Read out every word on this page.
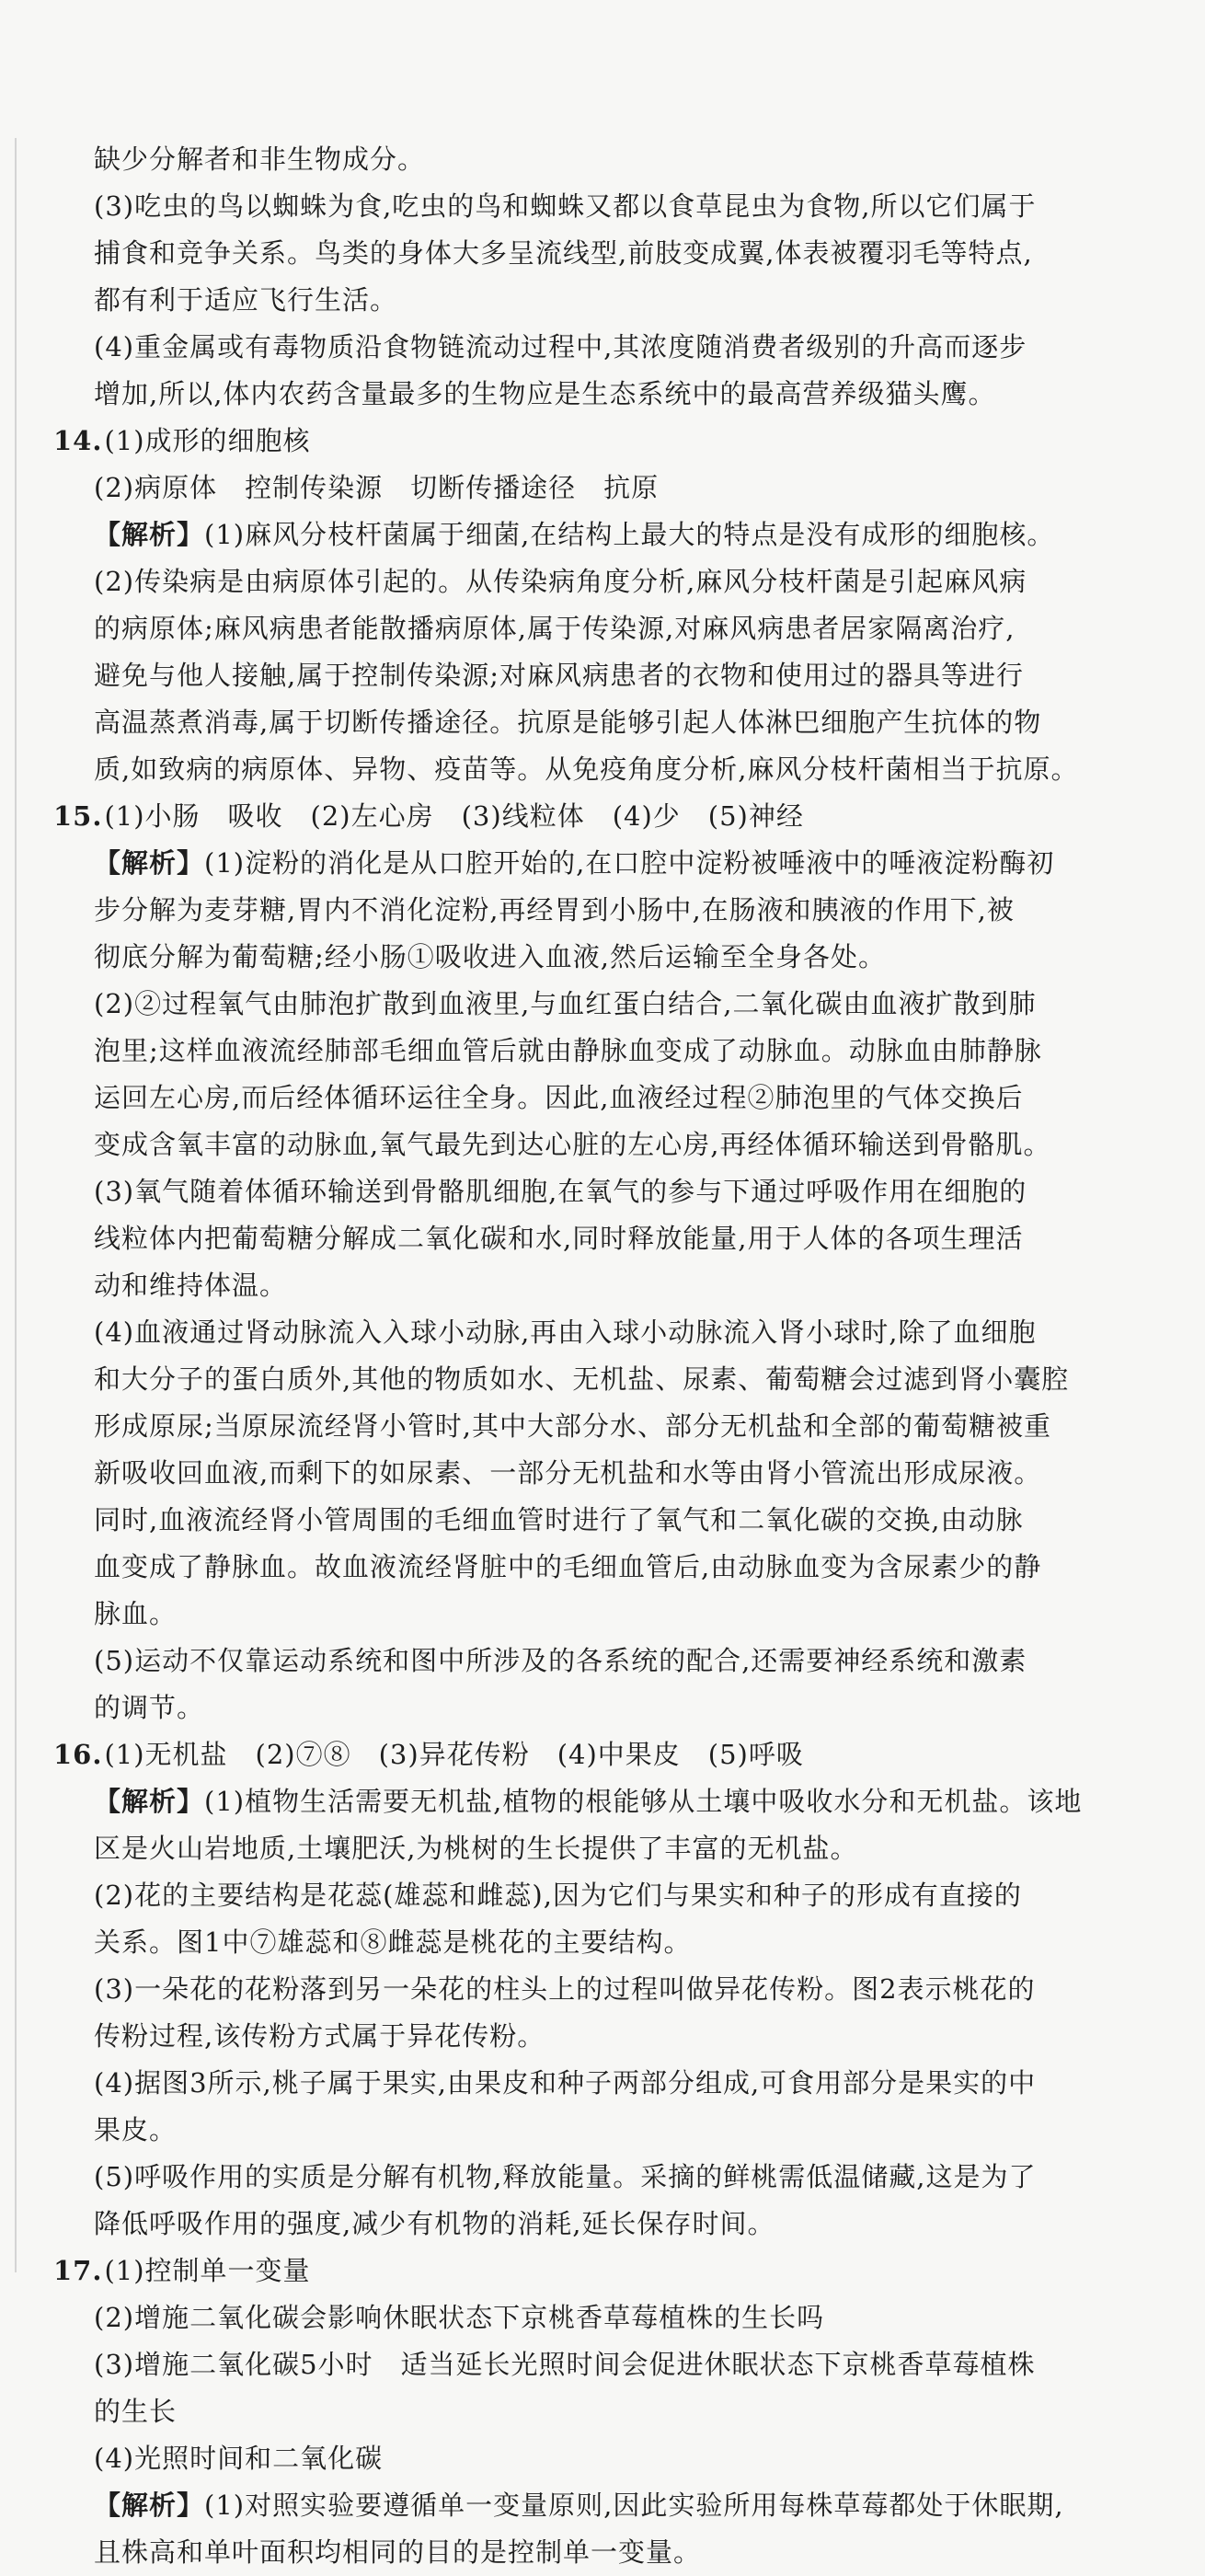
缺少分解者和非生物成分。
(3)吃虫的鸟以蜘蛛为食,吃虫的鸟和蜘蛛又都以食草昆虫为食物,所以它们属于
捕食和竞争关系。鸟类的身体大多呈流线型,前肢变成翼,体表被覆羽毛等特点,
都有利于适应飞行生活。
(4)重金属或有毒物质沿食物链流动过程中,其浓度随消费者级别的升高而逐步
增加,所以,体内农药含量最多的生物应是生态系统中的最高营养级猫头鹰。
14.(1)成形的细胞核
(2)病原体　控制传染源　切断传播途径　抗原
【解析】(1)麻风分枝杆菌属于细菌,在结构上最大的特点是没有成形的细胞核。
(2)传染病是由病原体引起的。从传染病角度分析,麻风分枝杆菌是引起麻风病
的病原体;麻风病患者能散播病原体,属于传染源,对麻风病患者居家隔离治疗,
避免与他人接触,属于控制传染源;对麻风病患者的衣物和使用过的器具等进行
高温蒸煮消毒,属于切断传播途径。抗原是能够引起人体淋巴细胞产生抗体的物
质,如致病的病原体、异物、疫苗等。从免疫角度分析,麻风分枝杆菌相当于抗原。
15.(1)小肠　吸收　(2)左心房　(3)线粒体　(4)少　(5)神经
【解析】(1)淀粉的消化是从口腔开始的,在口腔中淀粉被唾液中的唾液淀粉酶初
步分解为麦芽糖,胃内不消化淀粉,再经胃到小肠中,在肠液和胰液的作用下,被
彻底分解为葡萄糖;经小肠①吸收进入血液,然后运输至全身各处。
(2)②过程氧气由肺泡扩散到血液里,与血红蛋白结合,二氧化碳由血液扩散到肺
泡里;这样血液流经肺部毛细血管后就由静脉血变成了动脉血。动脉血由肺静脉
运回左心房,而后经体循环运往全身。因此,血液经过程②肺泡里的气体交换后
变成含氧丰富的动脉血,氧气最先到达心脏的左心房,再经体循环输送到骨骼肌。
(3)氧气随着体循环输送到骨骼肌细胞,在氧气的参与下通过呼吸作用在细胞的
线粒体内把葡萄糖分解成二氧化碳和水,同时释放能量,用于人体的各项生理活
动和维持体温。
(4)血液通过肾动脉流入入球小动脉,再由入球小动脉流入肾小球时,除了血细胞
和大分子的蛋白质外,其他的物质如水、无机盐、尿素、葡萄糖会过滤到肾小囊腔
形成原尿;当原尿流经肾小管时,其中大部分水、部分无机盐和全部的葡萄糖被重
新吸收回血液,而剩下的如尿素、一部分无机盐和水等由肾小管流出形成尿液。
同时,血液流经肾小管周围的毛细血管时进行了氧气和二氧化碳的交换,由动脉
血变成了静脉血。故血液流经肾脏中的毛细血管后,由动脉血变为含尿素少的静
脉血。
(5)运动不仅靠运动系统和图中所涉及的各系统的配合,还需要神经系统和激素
的调节。
16.(1)无机盐　(2)⑦⑧　(3)异花传粉　(4)中果皮　(5)呼吸
【解析】(1)植物生活需要无机盐,植物的根能够从土壤中吸收水分和无机盐。该地
区是火山岩地质,土壤肥沃,为桃树的生长提供了丰富的无机盐。
(2)花的主要结构是花蕊(雄蕊和雌蕊),因为它们与果实和种子的形成有直接的
关系。图1中⑦雄蕊和⑧雌蕊是桃花的主要结构。
(3)一朵花的花粉落到另一朵花的柱头上的过程叫做异花传粉。图2表示桃花的
传粉过程,该传粉方式属于异花传粉。
(4)据图3所示,桃子属于果实,由果皮和种子两部分组成,可食用部分是果实的中
果皮。
(5)呼吸作用的实质是分解有机物,释放能量。采摘的鲜桃需低温储藏,这是为了
降低呼吸作用的强度,减少有机物的消耗,延长保存时间。
17.(1)控制单一变量
(2)增施二氧化碳会影响休眠状态下京桃香草莓植株的生长吗
(3)增施二氧化碳5小时　适当延长光照时间会促进休眠状态下京桃香草莓植株
的生长
(4)光照时间和二氧化碳
【解析】(1)对照实验要遵循单一变量原则,因此实验所用每株草莓都处于休眠期,
且株高和单叶面积均相同的目的是控制单一变量。
